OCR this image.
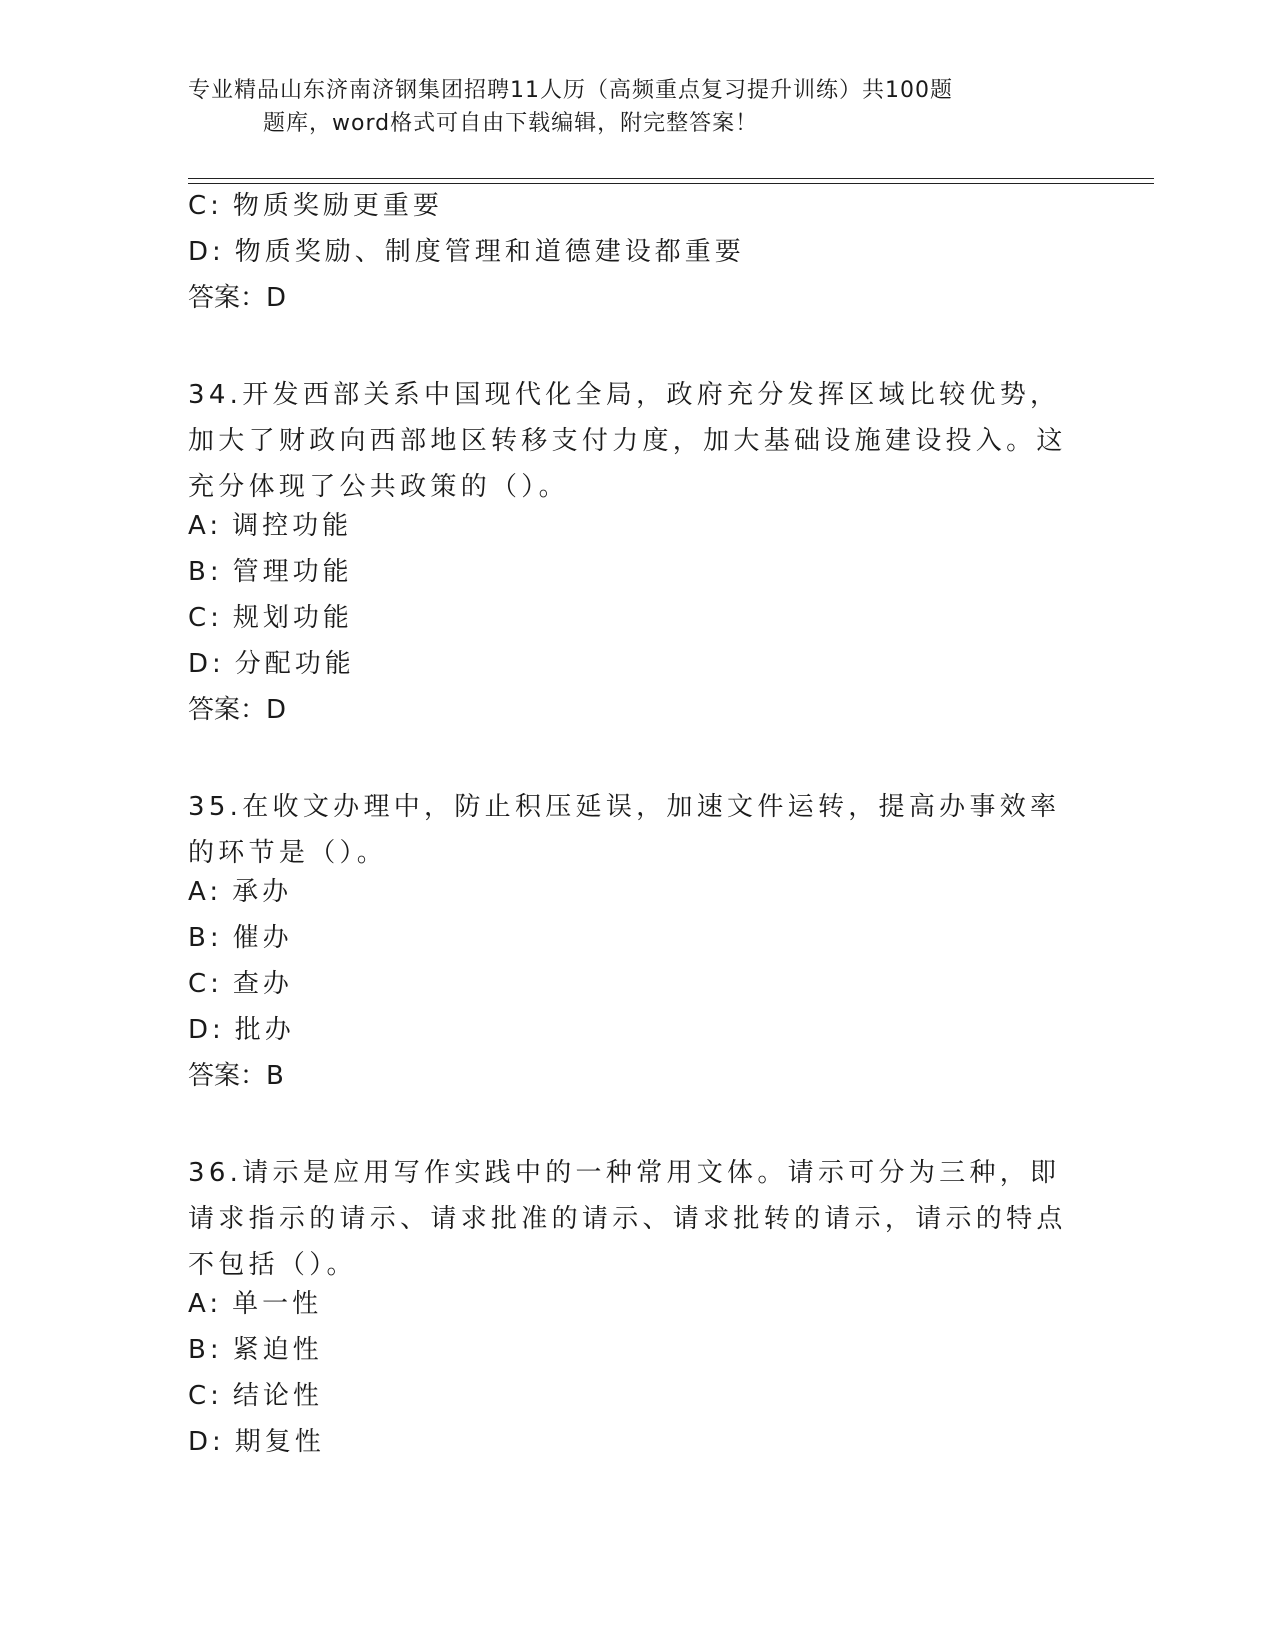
专业精品山东济南济钢集团招聘11人历（高频重点复习提升训练）共100题
题库，word格式可自由下载编辑，附完整答案！
C: 物质奖励更重要
D: 物质奖励、制度管理和道德建设都重要
答案：D
34.开发西部关系中国现代化全局，政府充分发挥区域比较优势，加大了财政向西部地区转移支付力度，加大基础设施建设投入。这充分体现了公共政策的（）。
A: 调控功能
B: 管理功能
C: 规划功能
D: 分配功能
答案：D
35.在收文办理中，防止积压延误，加速文件运转，提高办事效率的环节是（）。
A: 承办
B: 催办
C: 查办
D: 批办
答案：B
36.请示是应用写作实践中的一种常用文体。请示可分为三种，即请求指示的请示、请求批准的请示、请求批转的请示，请示的特点不包括（）。
A: 单一性
B: 紧迫性
C: 结论性
D: 期复性
